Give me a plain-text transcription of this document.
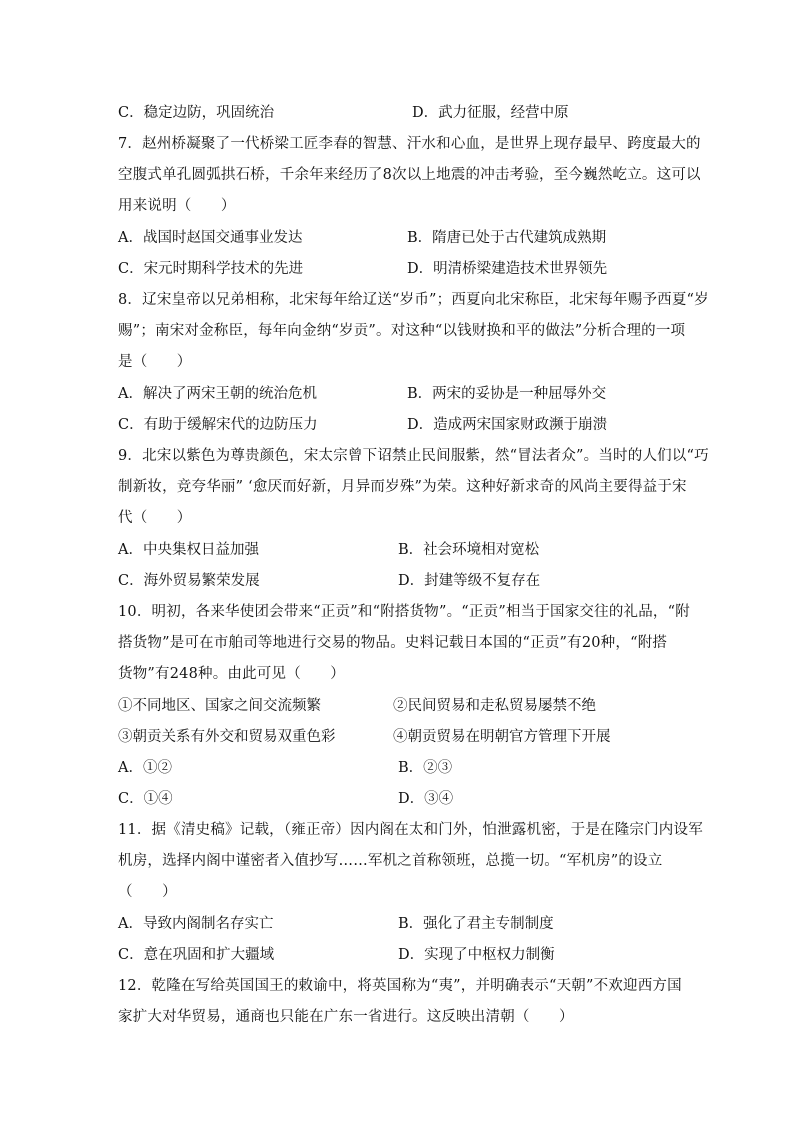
C．稳定边防，巩固统治	D．武力征服，经营中原
7．赵州桥凝聚了一代桥梁工匠李春的智慧、汗水和心血，是世界上现存最早、跨度最大的
空腹式单孔圆弧拱石桥，千余年来经历了8次以上地震的冲击考验，至今巍然屹立。这可以
用来说明（　　）
A．战国时赵国交通事业发达	B．隋唐已处于古代建筑成熟期
C．宋元时期科学技术的先进	D．明清桥梁建造技术世界领先
8．辽宋皇帝以兄弟相称，北宋每年给辽送“岁币”；西夏向北宋称臣，北宋每年赐予西夏“岁
赐”；南宋对金称臣，每年向金纳“岁贡”。对这种“以钱财换和平的做法”分析合理的一项
是（　　）
A．解决了两宋王朝的统治危机	B．两宋的妥协是一种屈辱外交
C．有助于缓解宋代的边防压力	D．造成两宋国家财政濒于崩溃
9．北宋以紫色为尊贵颜色，宋太宗曾下诏禁止民间服紫，然“冒法者众”。当时的人们以“巧
制新妆，竞夸华丽” ‘愈厌而好新，月异而岁殊”为荣。这种好新求奇的风尚主要得益于宋
代（　　）
A．中央集权日益加强	B．社会环境相对宽松
C．海外贸易繁荣发展	D．封建等级不复存在
10．明初，各来华使团会带来“正贡”和“附搭货物”。“正贡”相当于国家交往的礼品，“附
搭货物”是可在市舶司等地进行交易的物品。史料记载日本国的“正贡”有20种，“附搭
货物”有248种。由此可见（　　）
①不同地区、国家之间交流频繁	②民间贸易和走私贸易屡禁不绝
③朝贡关系有外交和贸易双重色彩	④朝贡贸易在明朝官方管理下开展
A．①②	B．②③
C．①④	D．③④
11．据《清史稿》记载，（雍正帝）因内阁在太和门外，怕泄露机密，于是在隆宗门内设军
机房，选择内阁中谨密者入值抄写……军机之首称领班，总揽一切。“军机房”的设立
（　　）
A．导致内阁制名存实亡	B．强化了君主专制制度
C．意在巩固和扩大疆域	D．实现了中枢权力制衡
12．乾隆在写给英国国王的敕谕中，将英国称为“夷”，并明确表示“天朝”不欢迎西方国
家扩大对华贸易，通商也只能在广东一省进行。这反映出清朝（　　）
